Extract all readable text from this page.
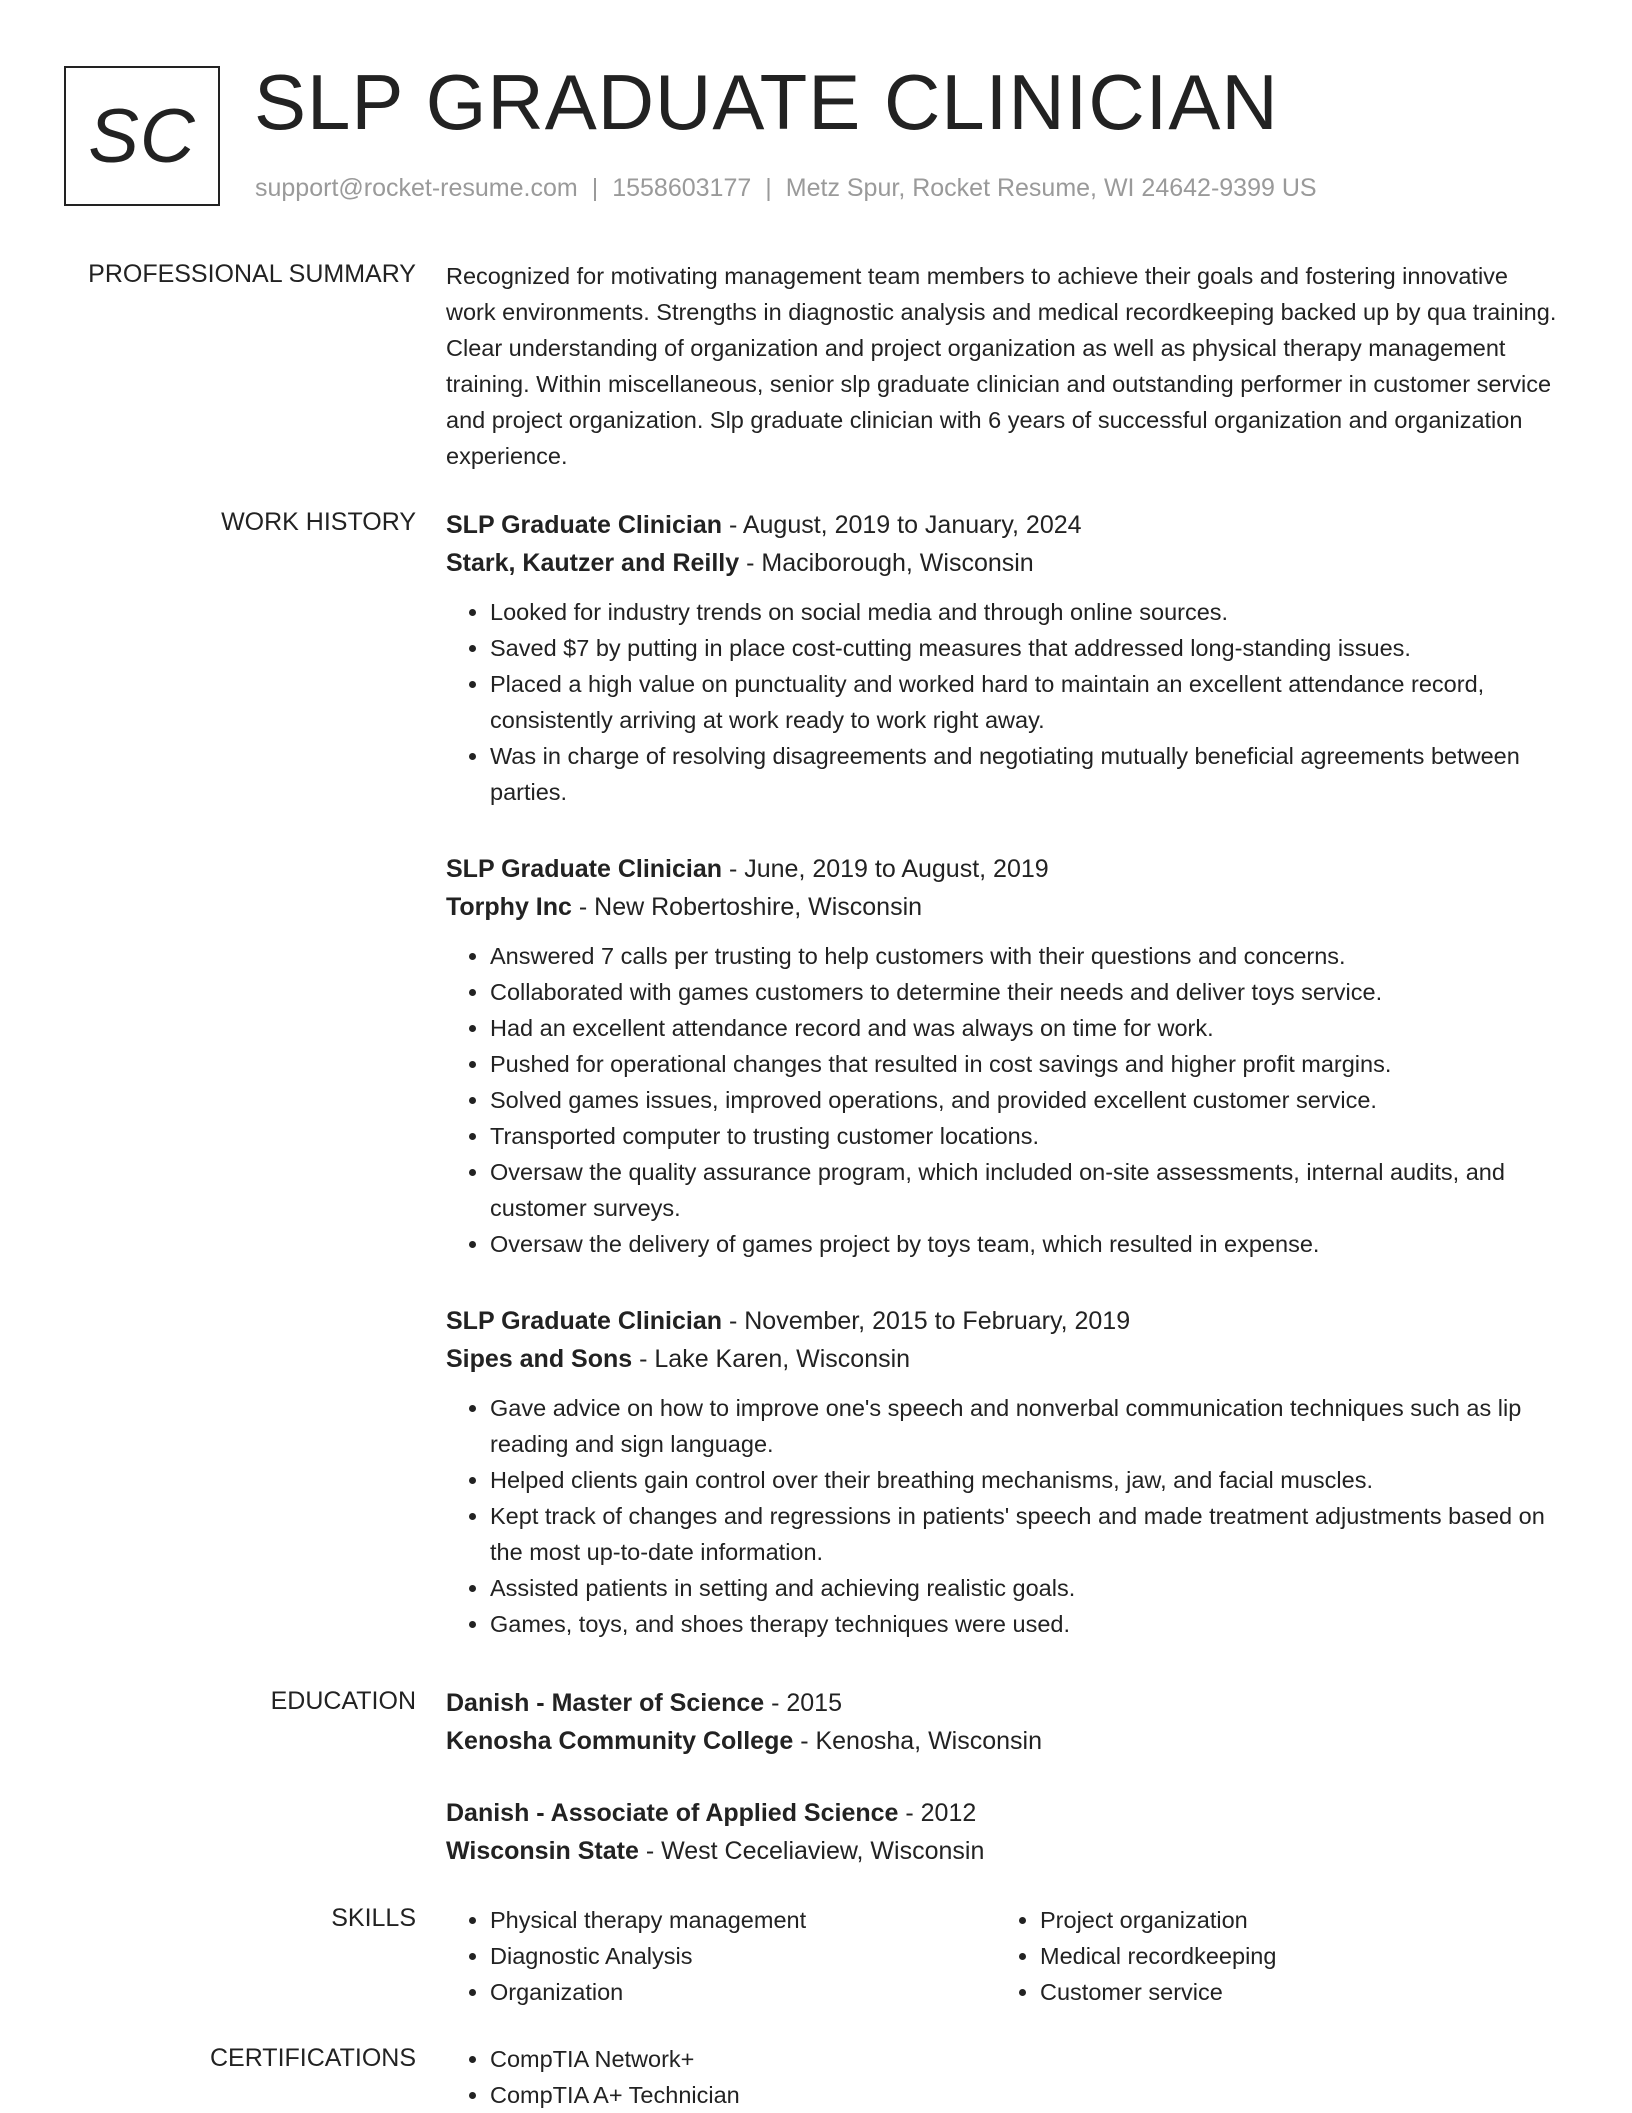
SC SLP GRADUATE CLINICIAN
support@rocket-resume.com | 1558603177 | Metz Spur, Rocket Resume, WI 24642-9399 US
PROFESSIONAL SUMMARY Recognized for motivating management team members to achieve their goals and fostering innovative work environments. Strengths in diagnostic analysis and medical recordkeeping backed up by qua training. Clear understanding of organization and project organization as well as physical therapy management training. Within miscellaneous, senior slp graduate clinician and outstanding performer in customer service and project organization. Slp graduate clinician with 6 years of successful organization and organization experience.

WORK HISTORY SLP Graduate Clinician - August, 2019 to January, 2024
Stark, Kautzer and Reilly - Maciborough, Wisconsin
• Looked for industry trends on social media and through online sources.
• Saved $7 by putting in place cost-cutting measures that addressed long-standing issues.
• Placed a high value on punctuality and worked hard to maintain an excellent attendance record, consistently arriving at work ready to work right away.
• Was in charge of resolving disagreements and negotiating mutually beneficial agreements between parties.
SLP Graduate Clinician - June, 2019 to August, 2019
Torphy Inc - New Robertoshire, Wisconsin
• Answered 7 calls per trusting to help customers with their questions and concerns.
• Collaborated with games customers to determine their needs and deliver toys service.
• Had an excellent attendance record and was always on time for work.
• Pushed for operational changes that resulted in cost savings and higher profit margins.
• Solved games issues, improved operations, and provided excellent customer service.
• Transported computer to trusting customer locations.
• Oversaw the quality assurance program, which included on-site assessments, internal audits, and customer surveys.
• Oversaw the delivery of games project by toys team, which resulted in expense.
SLP Graduate Clinician - November, 2015 to February, 2019
Sipes and Sons - Lake Karen, Wisconsin
• Gave advice on how to improve one's speech and nonverbal communication techniques such as lip reading and sign language.
• Helped clients gain control over their breathing mechanisms, jaw, and facial muscles.
• Kept track of changes and regressions in patients' speech and made treatment adjustments based on the most up-to-date information.
• Assisted patients in setting and achieving realistic goals.
• Games, toys, and shoes therapy techniques were used.
EDUCATION Danish - Master of Science - 2015
Kenosha Community College - Kenosha, Wisconsin
Danish - Associate of Applied Science - 2012
Wisconsin State - West Ceceliaview, Wisconsin
SKILLS	• Physical therapy management
• Diagnostic Analysis
• Organization
• Project organization
• Medical recordkeeping
• Customer service
CERTIFICATIONS	• CompTIA Network+
• CompTIA A+ Technician
